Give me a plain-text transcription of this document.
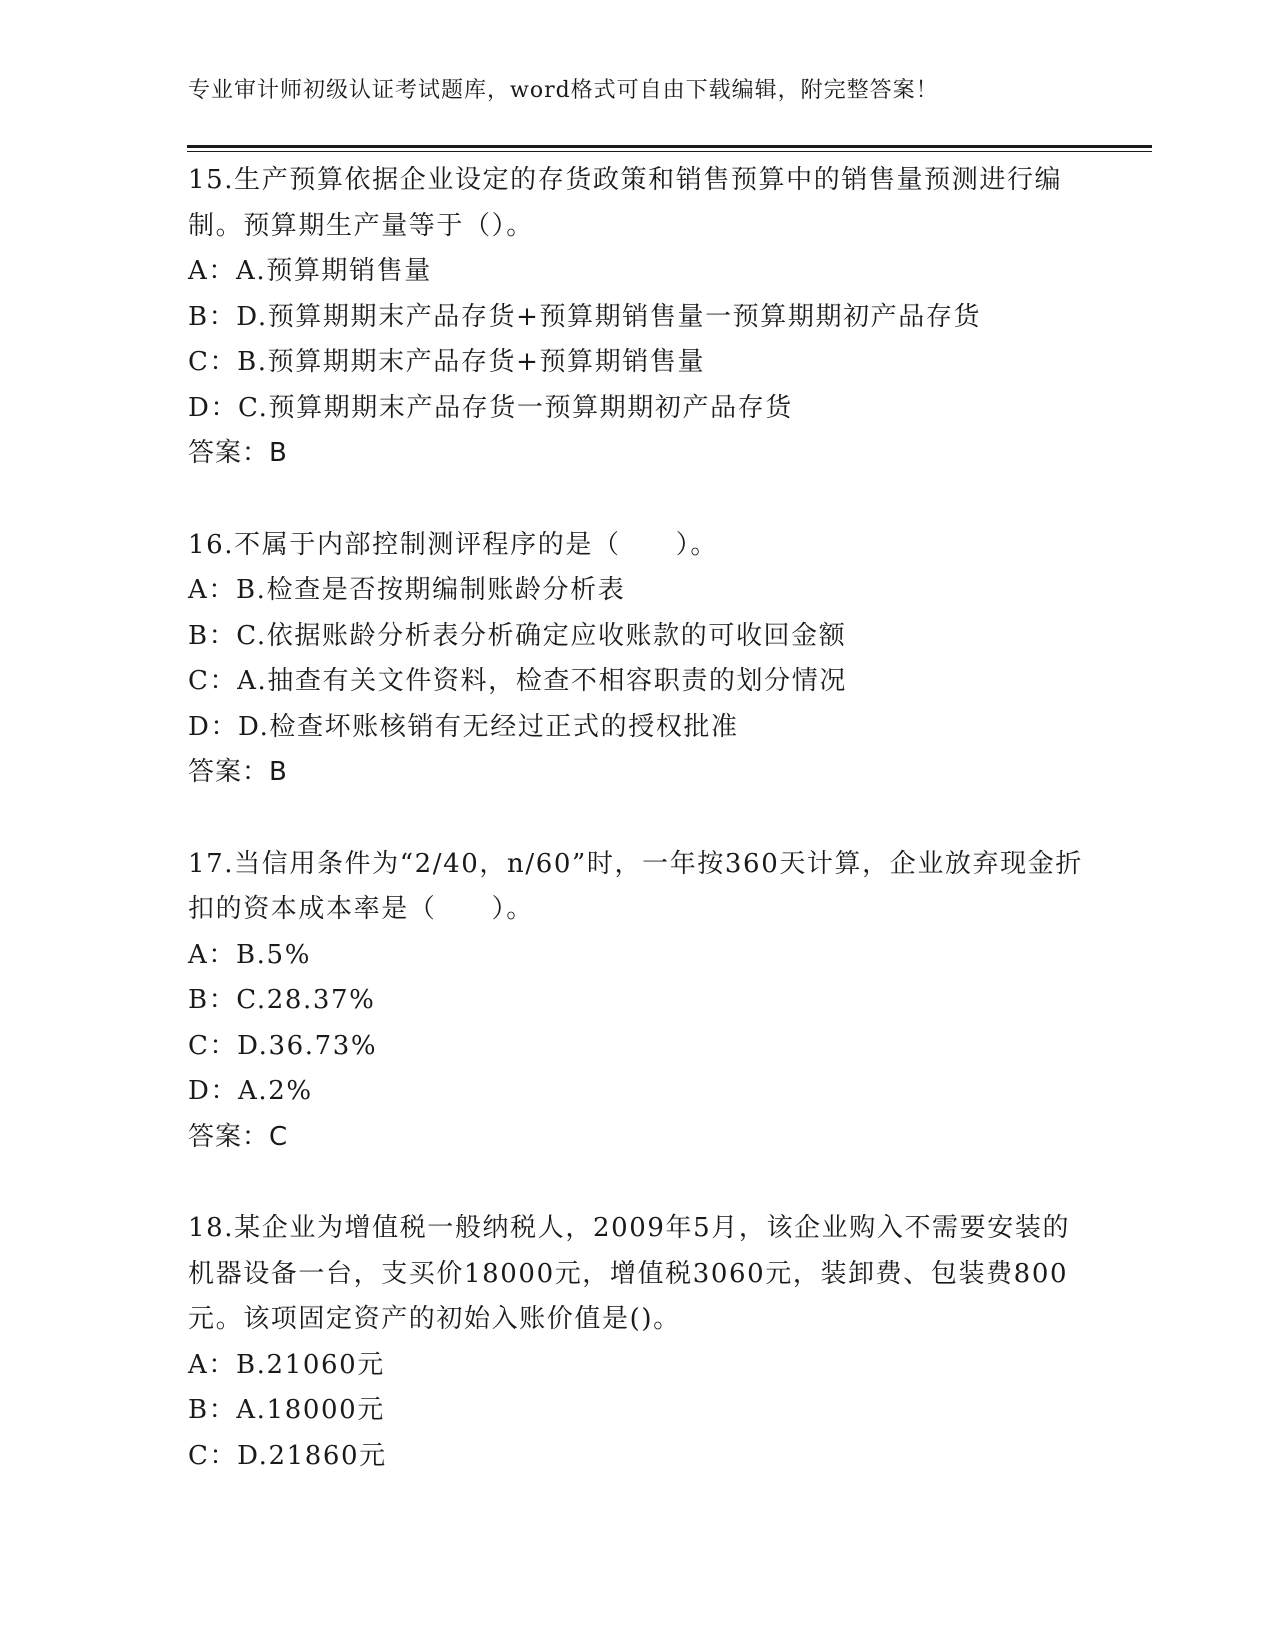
专业审计师初级认证考试题库，word格式可自由下载编辑，附完整答案！

15.生产预算依据企业设定的存货政策和销售预算中的销售量预测进行编制。预算期生产量等于（）。

A：A.预算期销售量

B：D.预算期期末产品存货+预算期销售量一预算期期初产品存货

C：B.预算期期末产品存货+预算期销售量

D：C.预算期期末产品存货一预算期期初产品存货

答案：B

16.不属于内部控制测评程序的是（　　）。

A：B.检查是否按期编制账龄分析表

B：C.依据账龄分析表分析确定应收账款的可收回金额

C：A.抽查有关文件资料，检查不相容职责的划分情况

D：D.检查坏账核销有无经过正式的授权批准

答案：B

17.当信用条件为“2/40，n/60”时，一年按360天计算，企业放弃现金折扣的资本成本率是（　　）。

A：B.5%

B：C.28.37%

C：D.36.73%

D：A.2%

答案：C

18.某企业为增值税一般纳税人，2009年5月，该企业购入不需要安装的机器设备一台，支买价18000元，增值税3060元，装卸费、包装费800元。该项固定资产的初始入账价值是()。

A：B.21060元

B：A.18000元

C：D.21860元
